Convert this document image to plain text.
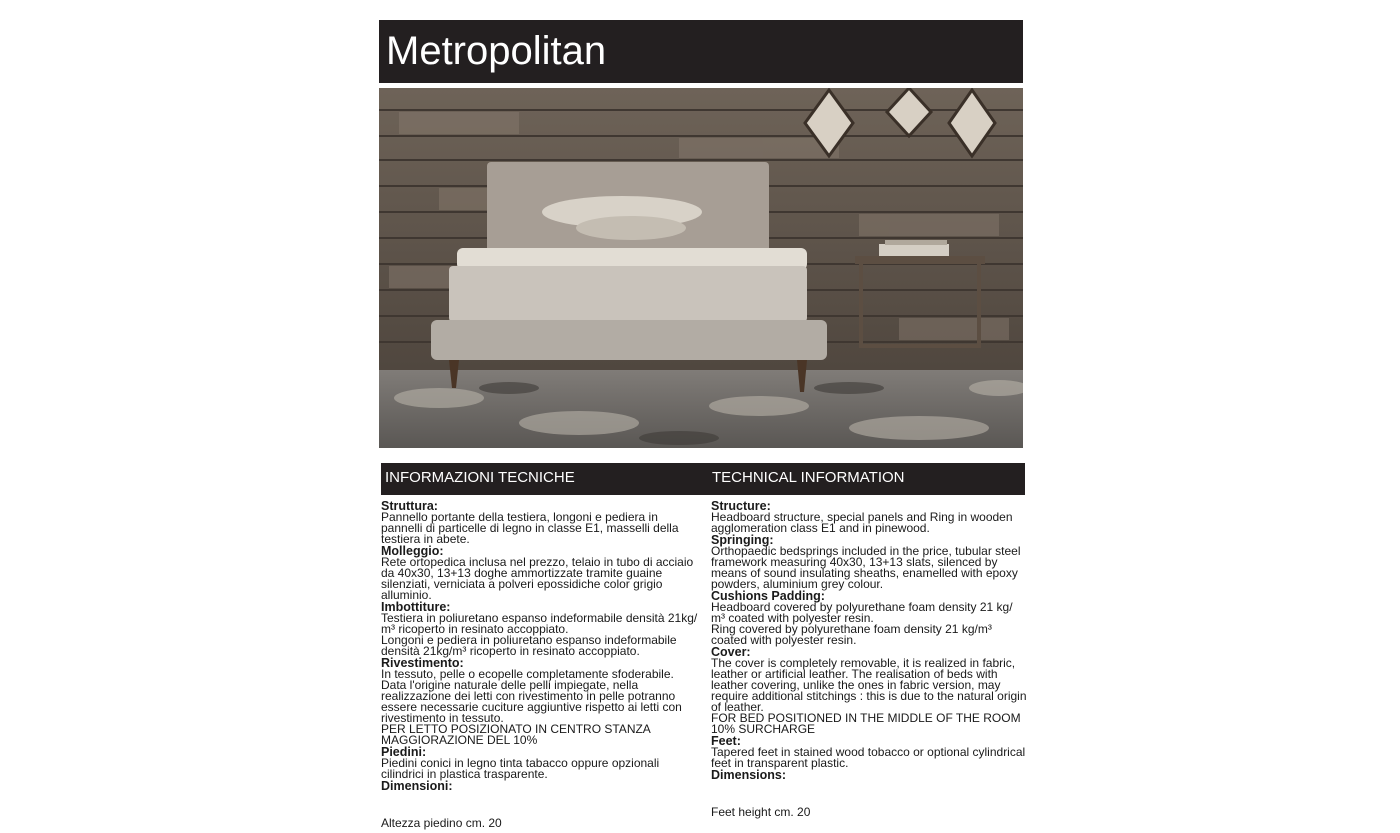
Metropolitan
INFORMAZIONI TECNICHE	TECHNICAL INFORMATION
Struttura:
Pannello portante della testiera, longoni e pediera in
pannelli di particelle di legno in classe E1, masselli della
testiera in abete.
Molleggio:
Rete ortopedica inclusa nel prezzo, telaio in tubo di acciaio
da 40x30, 13+13 doghe ammortizzate tramite guaine
silenziati, verniciata a polveri epossidiche color grigio
alluminio.
Imbottiture:
Testiera in poliuretano espanso indeformabile densità 21kg/
m³ ricoperto in resinato accoppiato.
Longoni e pediera in poliuretano espanso indeformabile
densità 21kg/m³ ricoperto in resinato accoppiato.
Rivestimento:
In tessuto, pelle o ecopelle completamente sfoderabile.
Data l'origine naturale delle pelli impiegate, nella
realizzazione dei letti con rivestimento in pelle potranno
essere necessarie cuciture aggiuntive rispetto ai letti con
rivestimento in tessuto.
PER LETTO POSIZIONATO IN CENTRO STANZA
MAGGIORAZIONE DEL 10%
Piedini:
Piedini conici in legno tinta tabacco oppure opzionali
cilindrici in plastica trasparente.
Dimensioni:
Altezza piedino cm. 20
Structure:
Headboard structure, special panels and Ring in wooden
agglomeration class E1 and in pinewood.
Springing:
Orthopaedic bedsprings included in the price, tubular steel
framework measuring 40x30, 13+13 slats, silenced by
means of sound insulating sheaths, enamelled with epoxy
powders, aluminium grey colour.
Cushions Padding:
Headboard covered by polyurethane foam density 21 kg/
m³ coated with polyester resin.
Ring covered by polyurethane foam density 21 kg/m³
coated with polyester resin.
Cover:
The cover is completely removable, it is realized in fabric,
leather or artificial leather. The realisation of beds with
leather covering, unlike the ones in fabric version, may
require additional stitchings : this is due to the natural origin
of leather.
FOR BED POSITIONED IN THE MIDDLE OF THE ROOM
10% SURCHARGE
Feet:
Tapered feet in stained wood tobacco or optional cylindrical
feet in transparent plastic.
Dimensions:
Feet height cm. 20
